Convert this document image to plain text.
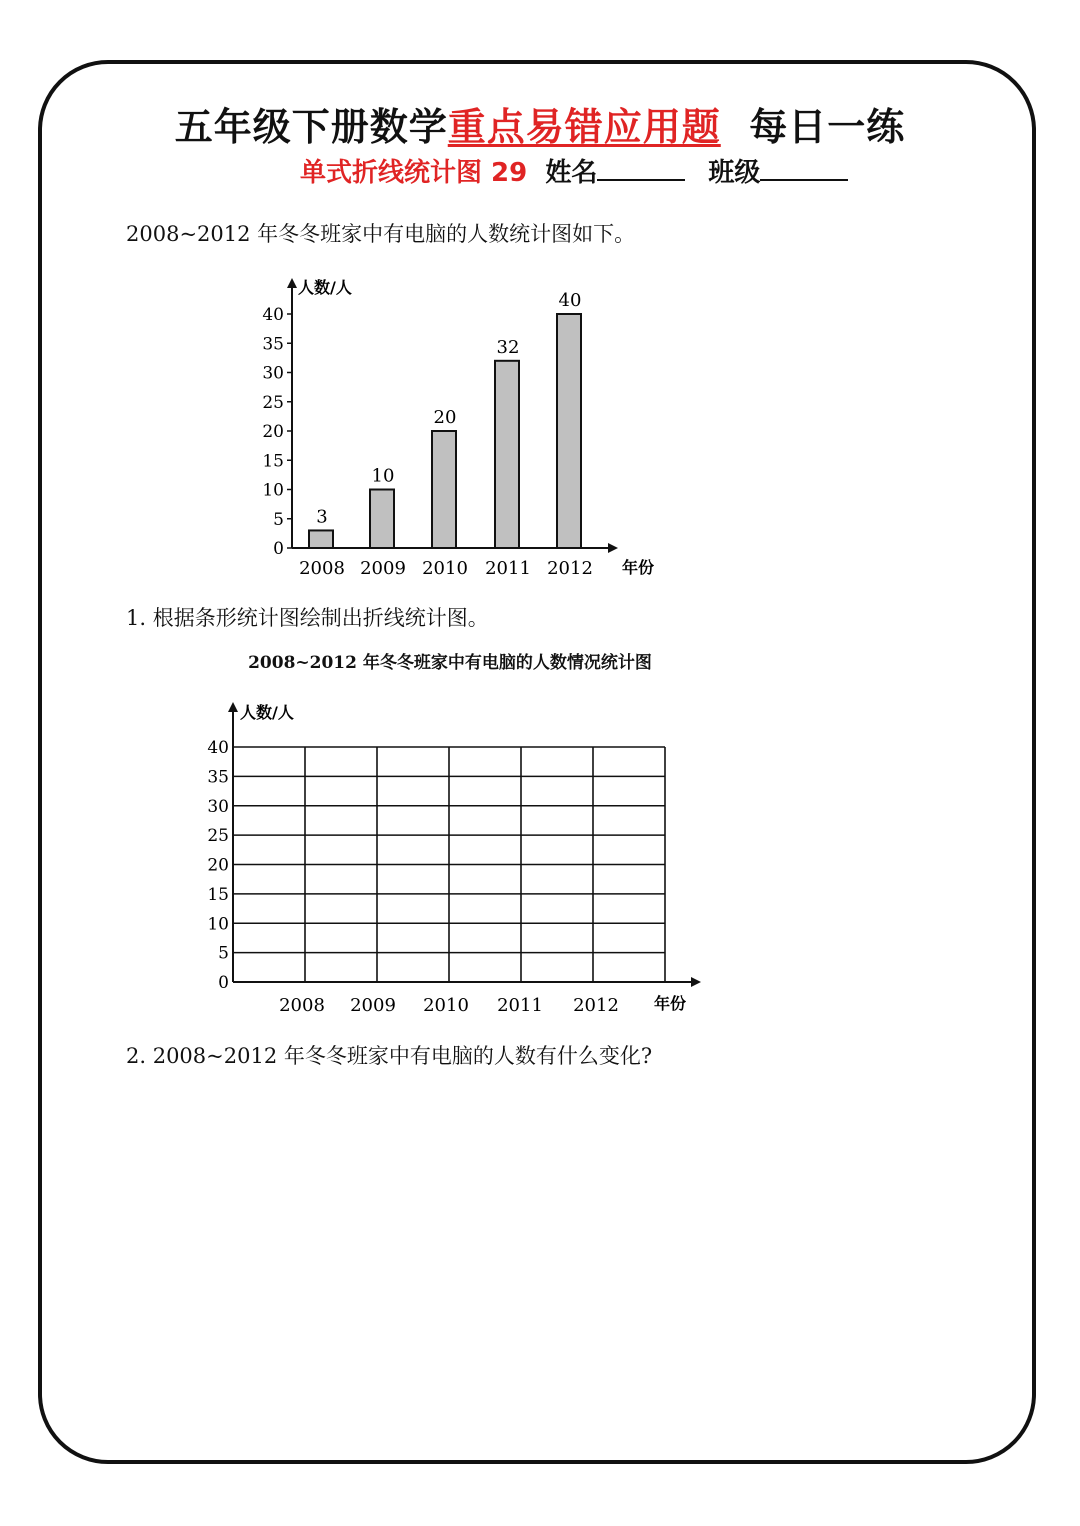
五年级下册数学重点易错应用题 每日一练
单式折线统计图 29 姓名	班级
2008~2012 年冬冬班家中有电脑的人数统计图如下。
人数/人
年份
0
5
10
15
20
25
30
35
40
3
2008
10
2009
20
2010
32
2011
40
2012
1. 根据条形统计图绘制出折线统计图。
2008~2012 年冬冬班家中有电脑的人数情况统计图
人数/人
年份
0
5
10
15
20
25
30
35
40
2008 2009 2010 2011 2012
2. 2008~2012 年冬冬班家中有电脑的人数有什么变化?
